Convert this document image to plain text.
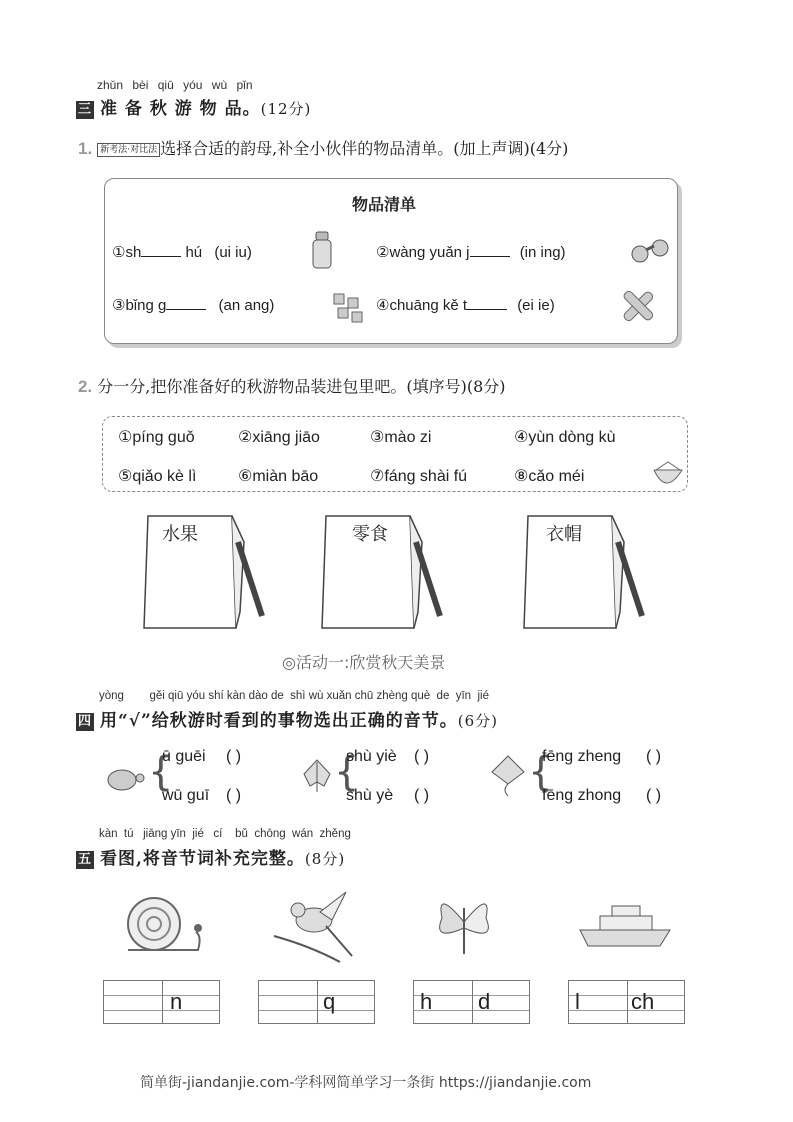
zhǔn bèi qiū yóu wù pǐn
三 准 备 秋 游 物 品。(12分)
1. 新考法·对比法 选择合适的韵母,补全小伙伴的物品清单。(加上声调)(4分)
物品清单
①sh	hú (ui iu)	②wàng yuǎn j	(in ing)
③bǐng g	(an ang)	④chuāng kě t	(ei ie)
2. 分一分,把你准备好的秋游物品装进包里吧。(填序号)(8分)
①píng guǒ	②xiāng jiāo	③mào zi	④yùn dòng kù
⑤qiǎo kè lì	⑥miàn bāo	⑦fáng shài fú	⑧cǎo méi
水果	零食	衣帽
◎活动一:欣赏秋天美景
yòng        gěi qiū yóu shí kàn dào de  shì wù xuǎn chū zhèng què  de  yīn  jié
四 用“√”给秋游时看到的事物选出正确的音节。(6分)
{
ū guēi ( )
wū guī ( )
{
shù yiè ( )
shù yè ( )
{
fēng zheng ( )
fēng zhong ( )
kàn  tú   jiāng yīn  jié   cí    bǔ  chōng  wán  zhěng
五 看图,将音节词补充完整。(8分)
n	q	h d	l ch
简单街-jiandanjie.com-学科网简单学习一条街 https://jiandanjie.com
